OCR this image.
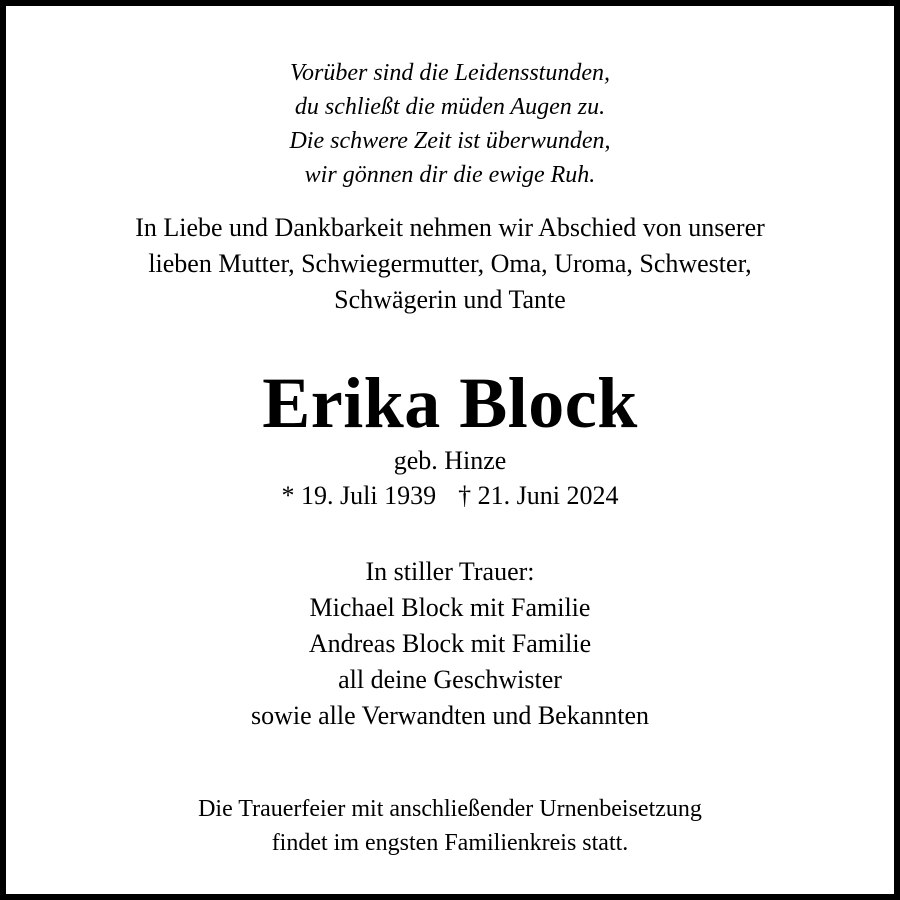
Vorüber sind die Leidensstunden,
du schließt die müden Augen zu.
Die schwere Zeit ist überwunden,
wir gönnen dir die ewige Ruh.
In Liebe und Dankbarkeit nehmen wir Abschied von unserer
lieben Mutter, Schwiegermutter, Oma, Uroma, Schwester,
Schwägerin und Tante
Erika Block
geb. Hinze
* 19. Juli 1939 † 21. Juni 2024
In stiller Trauer:
Michael Block mit Familie
Andreas Block mit Familie
all deine Geschwister
sowie alle Verwandten und Bekannten
Die Trauerfeier mit anschließender Urnenbeisetzung
findet im engsten Familienkreis statt.
